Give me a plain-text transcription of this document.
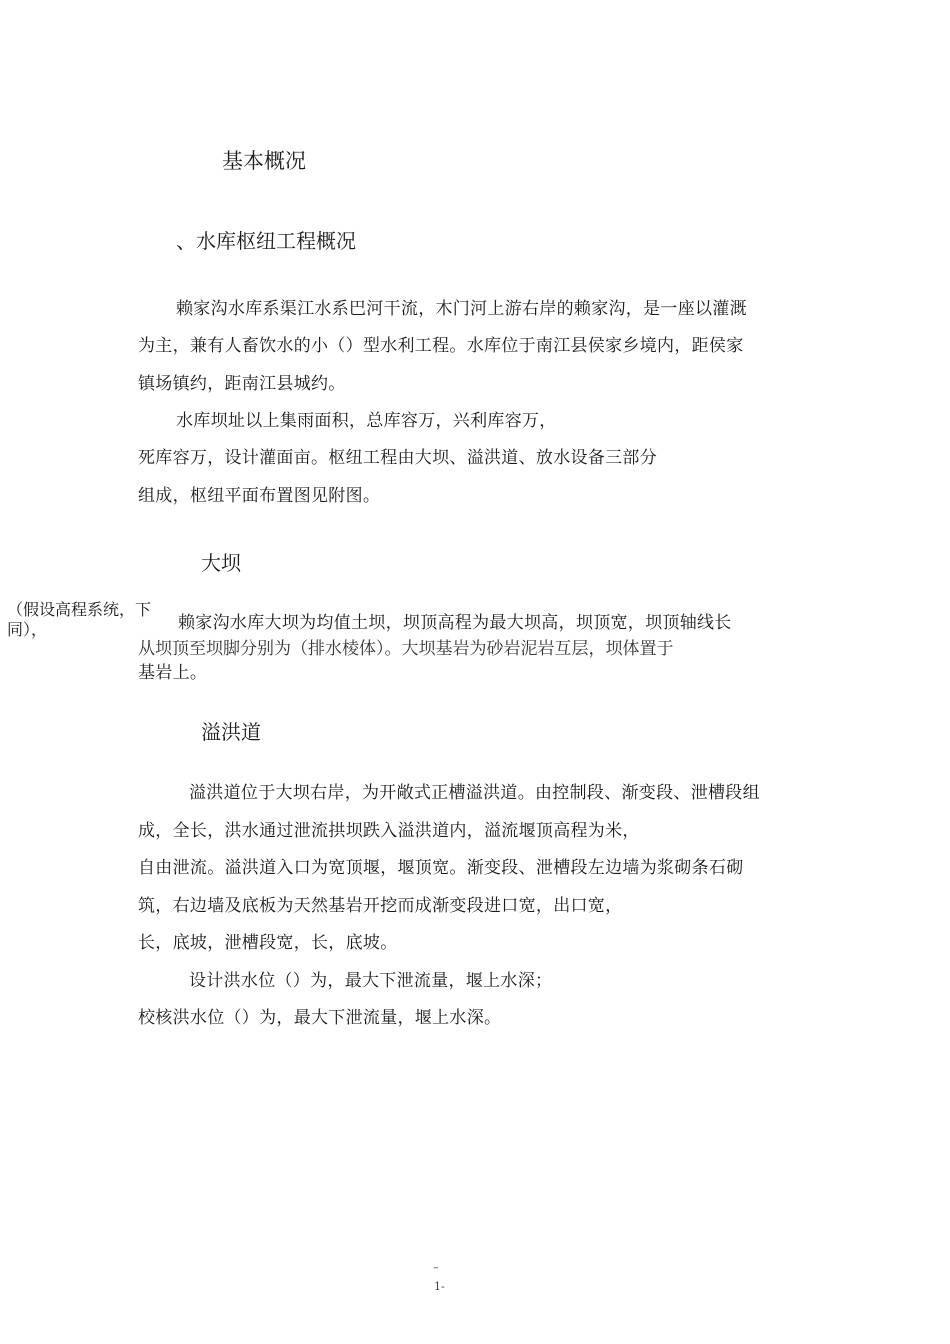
基本概况
、水库枢纽工程概况

赖家沟水库系渠江水系巴河干流，木门河上游右岸的赖家沟，是一座以灌溉

为主，兼有人畜饮水的小（）型水利工程。水库位于南江县侯家乡境内，距侯家

镇场镇约，距南江县城约。

水库坝址以上集雨面积，总库容万，兴利库容万，

死库容万，设计灌面亩。枢纽工程由大坝、溢洪道、放水设备三部分

组成，枢纽平面布置图见附图。

大坝
（假设高程系统，下
同），	赖家沟水库大坝为均值土坝，坝顶高程为最大坝高，坝顶宽，坝顶轴线长

从坝顶至坝脚分别为（排水棱体）。大坝基岩为砂岩泥岩互层，坝体置于

基岩上。

溢洪道

溢洪道位于大坝右岸，为开敞式正槽溢洪道。由控制段、渐变段、泄槽段组

成，全长，洪水通过泄流拱坝跌入溢洪道内，溢流堰顶高程为米，

自由泄流。溢洪道入口为宽顶堰，堰顶宽。渐变段、泄槽段左边墙为浆砌条石砌

筑，右边墙及底板为天然基岩开挖而成渐变段进口宽，出口宽，

长，底坡，泄槽段宽，长，底坡。

设计洪水位（）为，最大下泄流量，堰上水深；

校核洪水位（）为，最大下泄流量，堰上水深。

–
1-
